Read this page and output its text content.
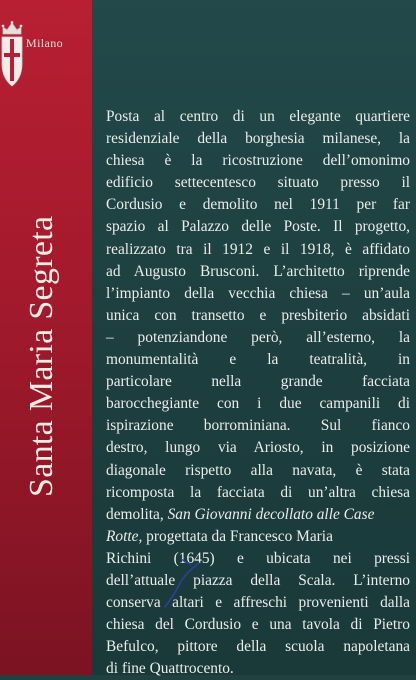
Milano
Santa Maria Segreta
Posta al centro di un elegante quartiere
residenziale della borghesia milanese, la
chiesa è la ricostruzione dell’omonimo
edificio settecentesco situato presso il
Cordusio e demolito nel 1911 per far
spazio al Palazzo delle Poste. Il progetto,
realizzato tra il 1912 e il 1918, è affidato
ad Augusto Brusconi. L’architetto riprende
l’impianto della vecchia chiesa – un’aula
unica con transetto e presbiterio absidati
– potenziandone però, all’esterno, la
monumentalità e la teatralità, in
particolare nella grande facciata
barocchegiante con i due campanili di
ispirazione borrominiana. Sul fianco
destro, lungo via Ariosto, in posizione
diagonale rispetto alla navata, è stata
ricomposta la facciata di un’altra chiesa
demolita, San Giovanni decollato alle Case
Rotte, progettata da Francesco Maria
Richini (1645) e ubicata nei pressi
dell’attuale piazza della Scala. L’interno
conserva altari e affreschi provenienti dalla
chiesa del Cordusio e una tavola di Pietro
Befulco, pittore della scuola napoletana
di fine Quattrocento.
